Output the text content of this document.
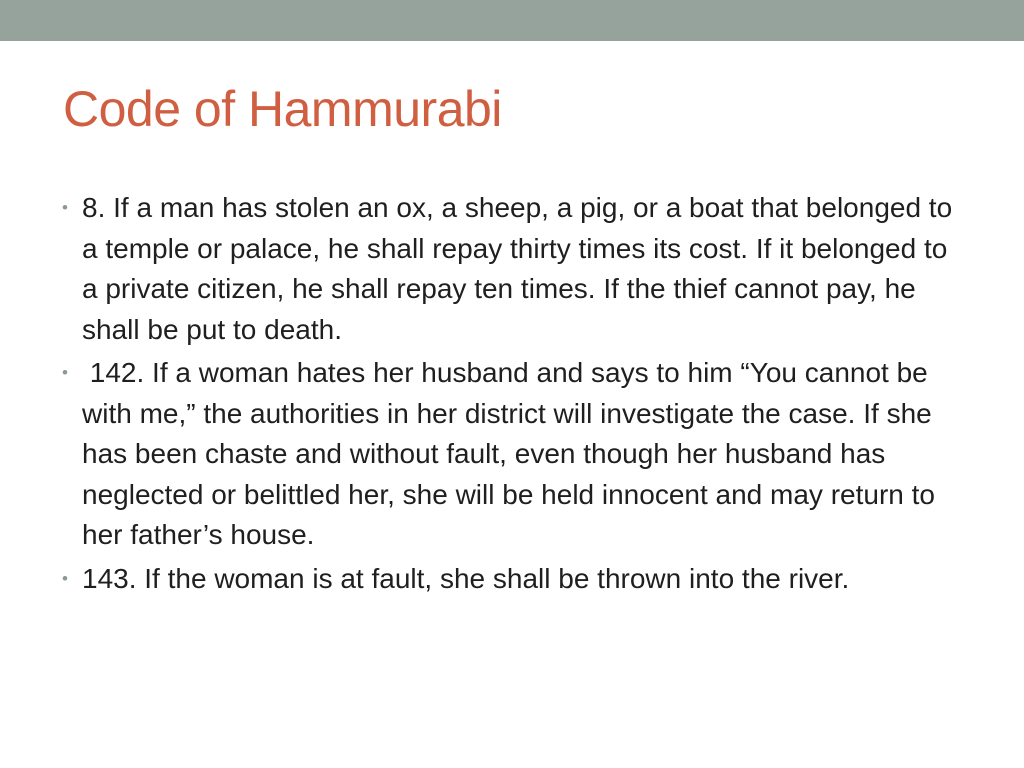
Code of Hammurabi
• 8. If a man has stolen an ox, a sheep, a pig, or a boat that belonged to a temple or palace, he shall repay thirty times its cost. If it belonged to a private citizen, he shall repay ten times. If the thief cannot pay, he shall be put to death.
• 142. If a woman hates her husband and says to him “You cannot be with me,” the authorities in her district will investigate the case. If she has been chaste and without fault, even though her husband has neglected or belittled her, she will be held innocent and may return to her father’s house.
• 143. If the woman is at fault, she shall be thrown into the river.
